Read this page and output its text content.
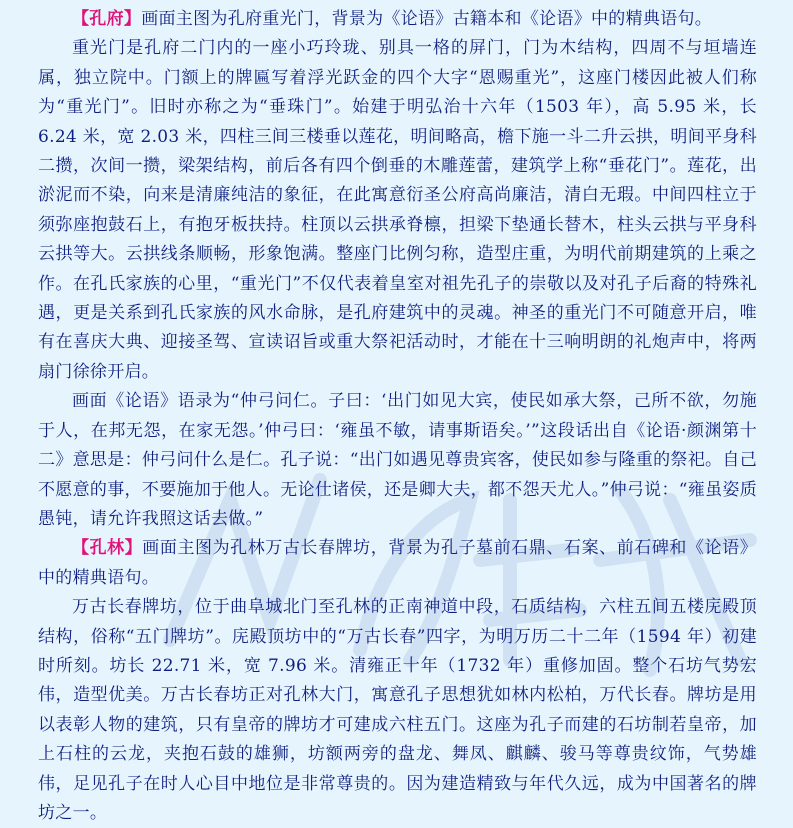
【孔府】画面主图为孔府重光门，背景为《论语》古籍本和《论语》中的精典语句。

重光门是孔府二门内的一座小巧玲珑、别具一格的屏门，门为木结构，四周不与垣墙连属，独立院中。门额上的牌匾写着浮光跃金的四个大字“恩赐重光”，这座门楼因此被人们称为“重光门”。旧时亦称之为“垂珠门”。始建于明弘治十六年（1503 年），高 5.95 米，长 6.24 米，宽 2.03 米，四柱三间三楼垂以莲花，明间略高，檐下施一斗二升云拱，明间平身科二攒，次间一攒，梁架结构，前后各有四个倒垂的木雕莲蕾，建筑学上称“垂花门”。莲花，出淤泥而不染，向来是清廉纯洁的象征，在此寓意衍圣公府高尚廉洁，清白无瑕。中间四柱立于须弥座抱鼓石上，有抱牙板扶持。柱顶以云拱承脊檩，担梁下垫通长替木，柱头云拱与平身科云拱等大。云拱线条顺畅，形象饱满。整座门比例匀称，造型庄重，为明代前期建筑的上乘之作。在孔氏家族的心里，“重光门”不仅代表着皇室对祖先孔子的崇敬以及对孔子后裔的特殊礼遇，更是关系到孔氏家族的风水命脉，是孔府建筑中的灵魂。神圣的重光门不可随意开启，唯有在喜庆大典、迎接圣驾、宣读诏旨或重大祭祀活动时，才能在十三响明朗的礼炮声中，将两扇门徐徐开启。

画面《论语》语录为“仲弓问仁。子曰：‘出门如见大宾，使民如承大祭，己所不欲，勿施于人，在邦无怨，在家无怨。’仲弓曰：‘雍虽不敏，请事斯语矣。’”这段话出自《论语·颜渊第十二》意思是：仲弓问什么是仁。孔子说：“出门如遇见尊贵宾客，使民如参与隆重的祭祀。自己不愿意的事，不要施加于他人。无论仕诸侯，还是卿大夫，都不怨天尤人。”仲弓说：“雍虽姿质愚钝，请允许我照这话去做。”

【孔林】画面主图为孔林万古长春牌坊，背景为孔子墓前石鼎、石案、前石碑和《论语》中的精典语句。

万古长春牌坊，位于曲阜城北门至孔林的正南神道中段，石质结构，六柱五间五楼庑殿顶结构，俗称“五门牌坊”。庑殿顶坊中的“万古长春”四字，为明万历二十二年（1594 年）初建时所刻。坊长 22.71 米，宽 7.96 米。清雍正十年（1732 年）重修加固。整个石坊气势宏伟，造型优美。万古长春坊正对孔林大门，寓意孔子思想犹如林内松柏，万代长春。牌坊是用以表彰人物的建筑，只有皇帝的牌坊才可建成六柱五门。这座为孔子而建的石坊制若皇帝，加上石柱的云龙，夹抱石鼓的雄狮，坊额两旁的盘龙、舞凤、麒麟、骏马等尊贵纹饰，气势雄伟，足见孔子在时人心目中地位是非常尊贵的。因为建造精致与年代久远，成为中国著名的牌坊之一。
